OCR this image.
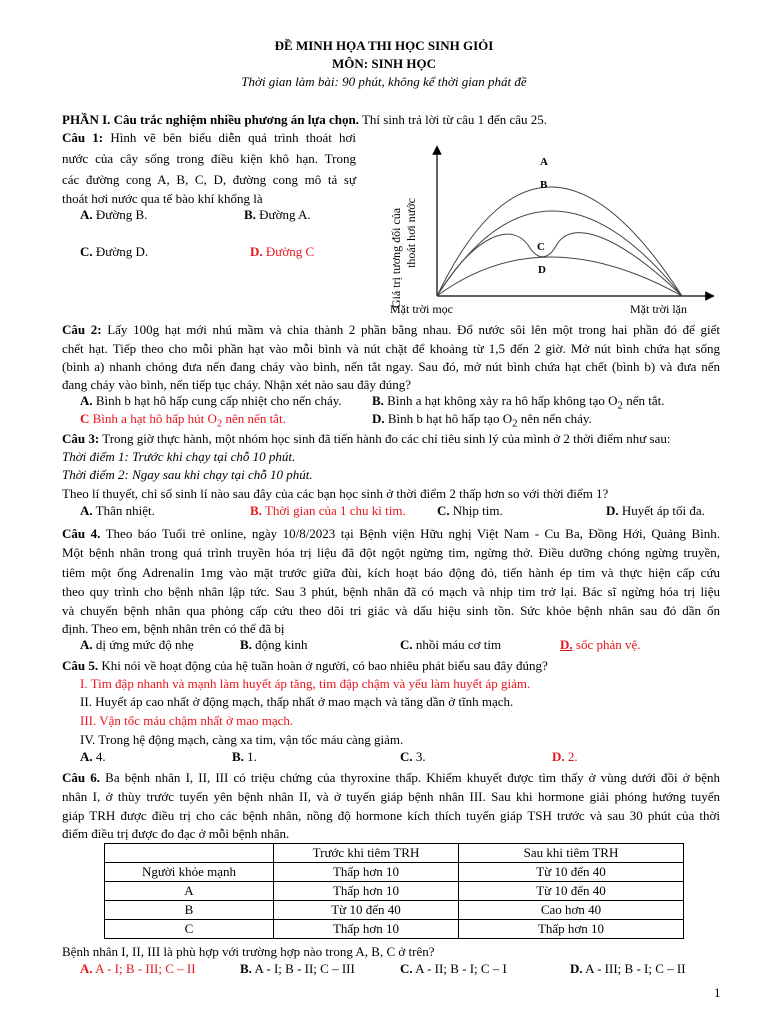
ĐỀ MINH HỌA THI HỌC SINH GIỎI
MÔN: SINH HỌC
Thời gian làm bài: 90 phút, không kể thời gian phát đề
PHẦN I. Câu trắc nghiệm nhiều phương án lựa chọn. Thí sinh trả lời từ câu 1 đến câu 25.
Câu 1: Hình vẽ bên biểu diễn quá trình thoát hơi
nước của cây sống trong điều kiện khô hạn. Trong
các đường cong A, B, C, D, đường cong mô tả sự
thoát hơi nước qua tế bào khí khổng là
A. Đường B.	B. Đường A.
C. Đường D.	D. Đường C	Giá trị tương đối của thoát hơi nước
A
B
C
D
Mặt trời mọc	Mặt trời lặn
Câu 2: Lấy 100g hạt mới nhú mầm và chia thành 2 phần bằng nhau. Đổ nước sôi lên một trong hai phần đó để giết
chết hạt. Tiếp theo cho mỗi phần hạt vào mỗi bình và nút chặt để khoảng từ 1,5 đến 2 giờ. Mở nút bình chứa hạt sống
(bình a) nhanh chóng đưa nến đang cháy vào bình, nến tắt ngay. Sau đó, mở nút bình chứa hạt chết (bình b) và đưa nến
đang cháy vào bình, nến tiếp tục cháy. Nhận xét nào sau đây đúng?
A. Bình b hạt hô hấp cung cấp nhiệt cho nến cháy. B. Bình a hạt không xảy ra hô hấp không tạo $O_2$ nến tắt.
C Bình a hạt hô hấp hút $O_2$ nên nến tắt.	D. Bình b hạt hô hấp tạo $O_2$ nên nến cháy.
Câu 3: Trong giờ thực hành, một nhóm học sinh đã tiến hành đo các chỉ tiêu sinh lý của mình ở 2 thời điểm như sau:
Thời điểm 1: Trước khi chạy tại chỗ 10 phút.
Thời điểm 2: Ngay sau khi chạy tại chỗ 10 phút.
Theo lí thuyết, chỉ số sinh lí nào sau đây của các bạn học sinh ở thời điểm 2 thấp hơn so với thời điểm 1?
A. Thân nhiệt.	B. Thời gian của 1 chu kì tim. C. Nhịp tim.	D. Huyết áp tối đa.
Câu 4. Theo báo Tuổi trẻ online, ngày 10/8/2023 tại Bệnh viện Hữu nghị Việt Nam - Cu Ba, Đồng Hới, Quảng Bình.
Một bệnh nhân trong quá trình truyền hóa trị liệu đã đột ngột ngừng tim, ngừng thở. Điều dưỡng chóng ngừng truyền,
tiêm một ống Adrenalin 1mg vào mặt trước giữa đùi, kích hoạt báo động đỏ, tiến hành ép tim và thực hiện cấp cứu
theo quy trình cho bệnh nhân lập tức. Sau 3 phút, bệnh nhân đã có mạch và nhịp tim trở lại. Bác sĩ ngừng hóa trị liệu
và chuyển bệnh nhân qua phòng cấp cứu theo dõi tri giác và dấu hiệu sinh tồn. Sức khỏe bệnh nhân sau đó dần ổn
định. Theo em, bệnh nhân trên có thể đã bị
A. dị ứng mức độ nhẹ	B. động kinh	C. nhồi máu cơ tim	D. sốc phản vệ.
Câu 5. Khi nói về hoạt động của hệ tuần hoàn ở người, có bao nhiêu phát biểu sau đây đúng?
I. Tim đập nhanh và mạnh làm huyết áp tăng, tim đập chậm và yếu làm huyết áp giảm.
II. Huyết áp cao nhất ở động mạch, thấp nhất ở mao mạch và tăng dần ở tĩnh mạch.
III. Vận tốc máu chậm nhất ở mao mạch.
IV. Trong hệ động mạch, càng xa tim, vận tốc máu càng giảm.
A. 4.	B. 1.	C. 3.	D. 2.
Câu 6. Ba bệnh nhân I, II, III có triệu chứng của thyroxine thấp. Khiếm khuyết được tìm thấy ở vùng dưới đồi ở bệnh
nhân I, ở thùy trước tuyến yên bệnh nhân II, và ở tuyến giáp bệnh nhân III. Sau khi hormone giải phóng hướng tuyến
giáp TRH được điều trị cho các bệnh nhân, nồng độ hormone kích thích tuyến giáp TSH trước và sau 30 phút của thời
điểm điều trị được đo đạc ở mỗi bệnh nhân.
	Trước khi tiêm TRH	Sau khi tiêm TRH
Người khỏe mạnh	Thấp hơn 10	Từ 10 đến 40
A	Thấp hơn 10	Từ 10 đến 40
B	Từ 10 đến 40	Cao hơn 40
C	Thấp hơn 10	Thấp hơn 10
Bệnh nhân I, II, III là phù hợp với trường hợp nào trong A, B, C ở trên?
A. A - I; B - III; C – II	B. A - I; B - II; C – III	C. A - II; B - I; C – I	D. A - III; B - I; C – II
1
